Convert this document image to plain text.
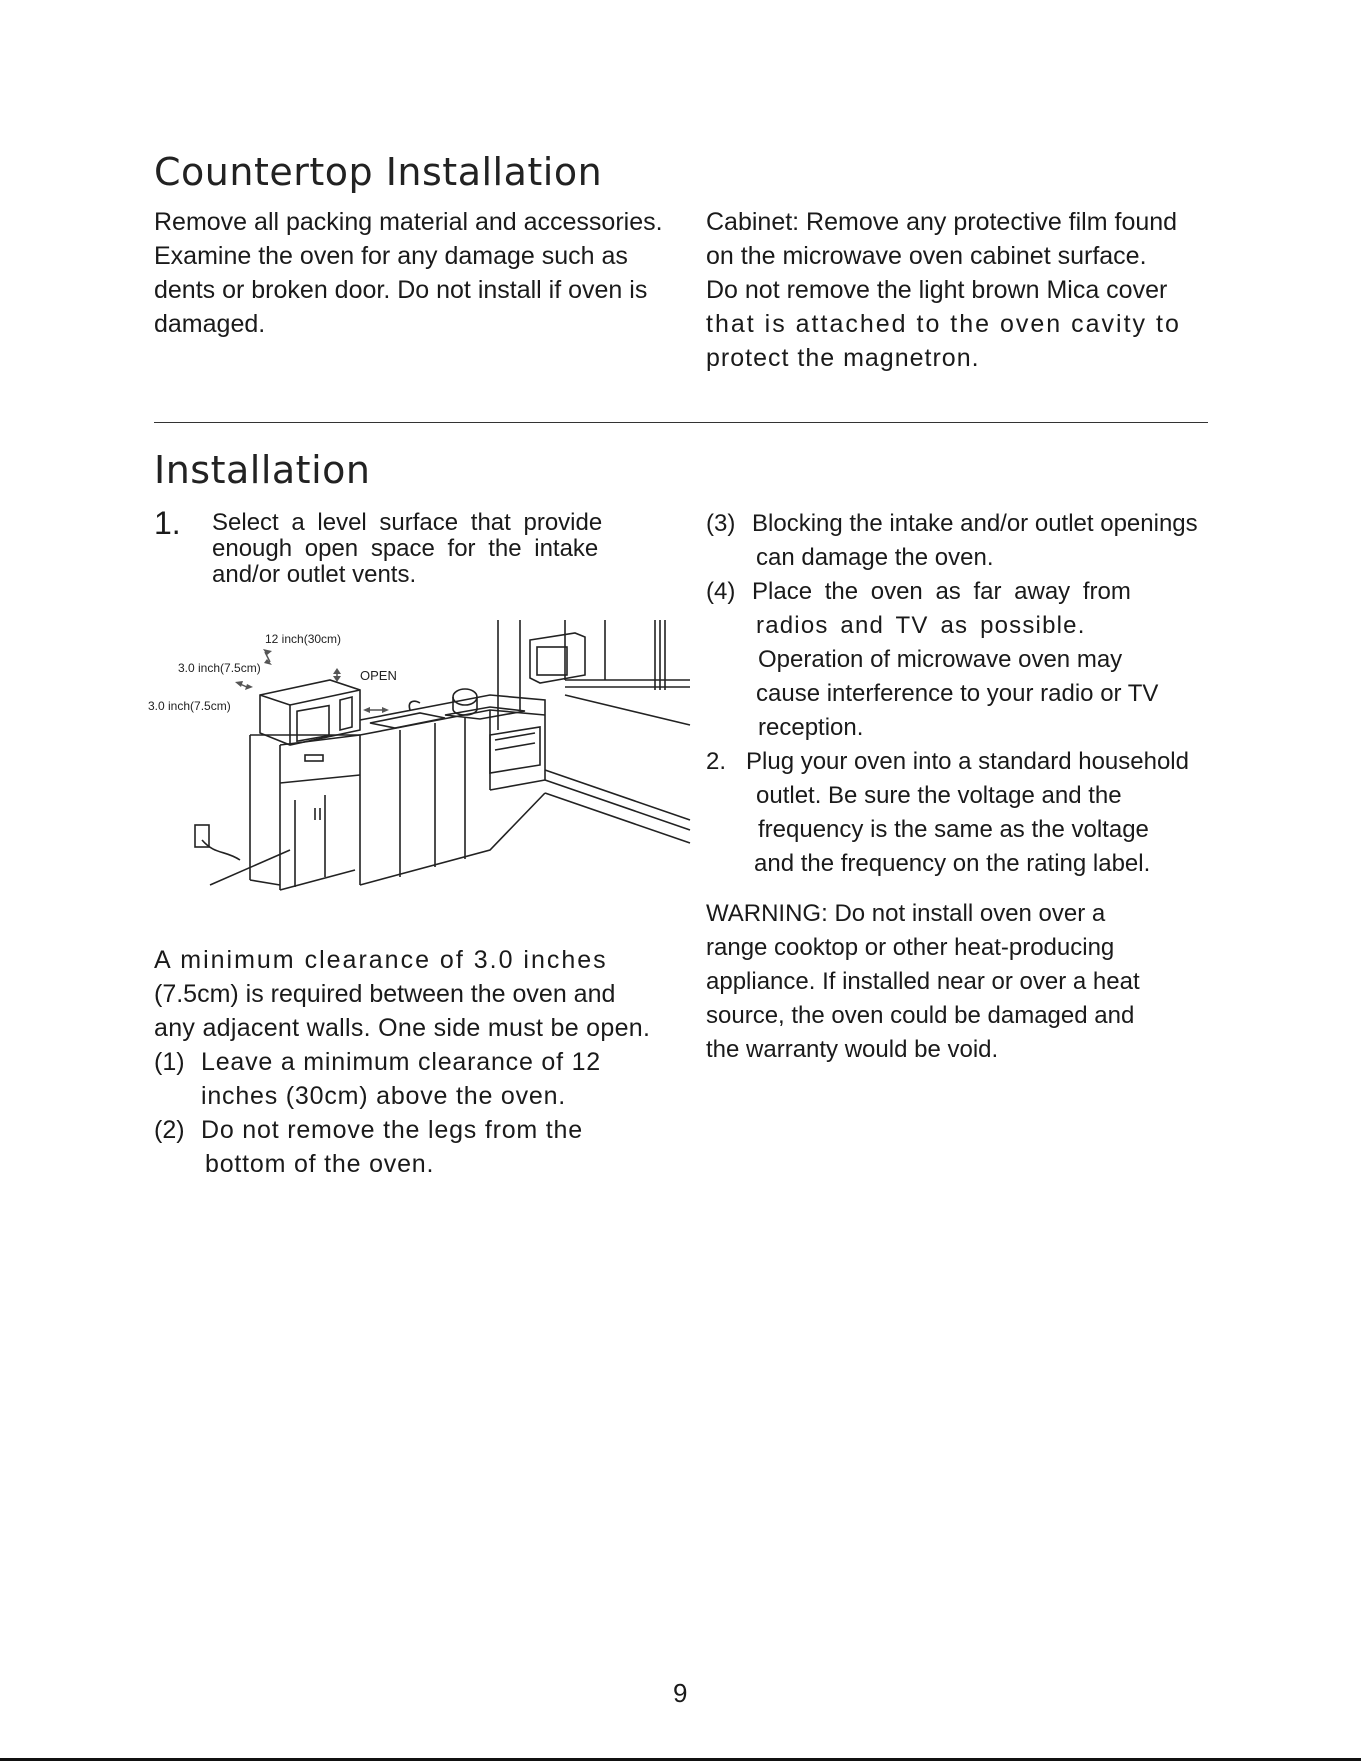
Countertop Installation

Remove all packing material and accessories.

Examine the oven for any damage such as

dents or broken door. Do not install if oven is

damaged.

Cabinet: Remove any protective film found

on the microwave oven cabinet surface.

Do not remove the light brown Mica cover

that is attached to the oven cavity to

protect the magnetron.

Installation
1. Select a level surface that provide
enough open space for the intake
and/or outlet vents.
12 inch(30cm)
3.0 inch(7.5cm)
3.0 inch(7.5cm)
OPEN

A minimum clearance of 3.0 inches

(7.5cm) is required between the oven and

any adjacent walls. One side must be open.

(1) Leave a minimum clearance of 12

inches (30cm) above the oven.

(2) Do not remove the legs from the

bottom of the oven.

(3) Blocking the intake and/or outlet openings

can damage the oven.

(4) Place the oven as far away from

radios and TV as possible.

Operation of microwave oven may

cause interference to your radio or TV

reception.

2. Plug your oven into a standard household

outlet. Be sure the voltage and the

frequency is the same as the voltage

and the frequency on the rating label.

WARNING: Do not install oven over a

range cooktop or other heat-producing

appliance. If installed near or over a heat

source, the oven could be damaged and

the warranty would be void.

9
